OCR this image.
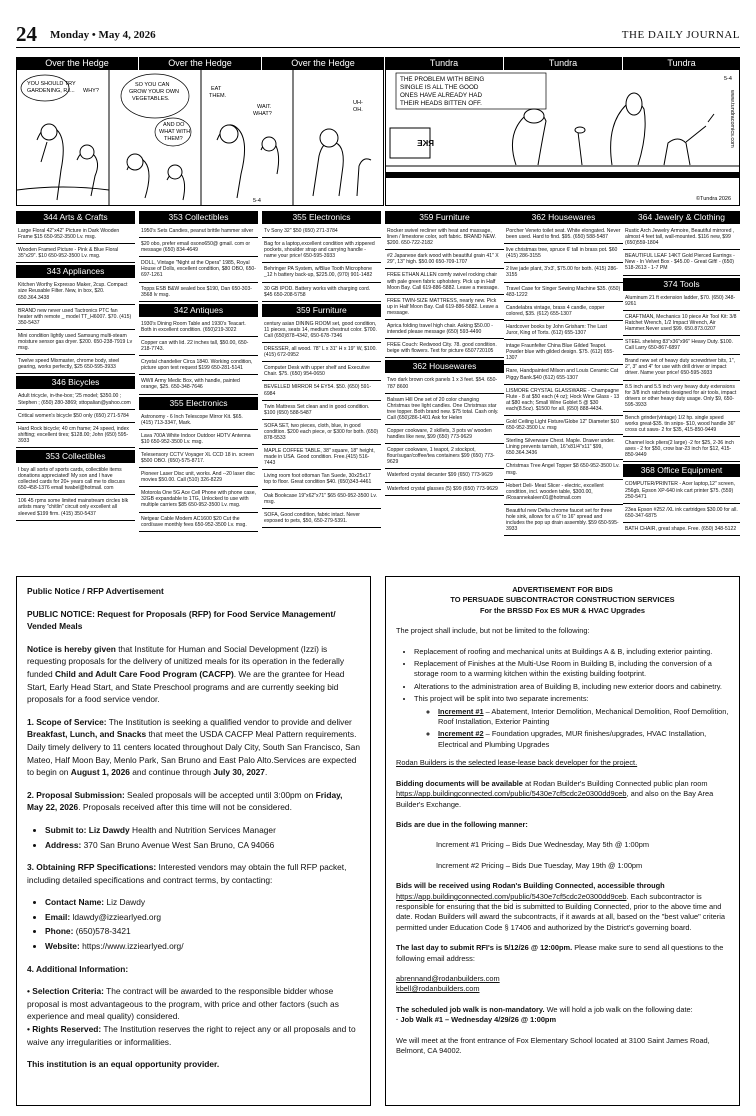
24 Monday • May 4, 2026	THE DAILY JOURNAL
Over the Hedge	Over the Hedge	Over the Hedge	Tundra	Tundra	Tundra
YOU SHOULD TRY GARDENING, RJ... WHY?
SO YOU CAN GROW YOUR OWN VEGETABLES.
AND DO WHAT WITH THEM?
EAT THEM.
WAIT. WHAT?
5-4
UH-OH.
THE PROBLEM WITH BEING SINGLE IS ALL THE GOOD ONES HAVE ALREADY HAD THEIR HEADS BITTEN OFF.
RKE	www.tundracomics.com
5-4
©Tundra 2026
344 Arts & Crafts
Large Floral 42"x42" Picture in Dark Wooden Frame $15 650-952-3500 Lv. msg.
Wooden Framed Picture - Pink & Blue Floral 35"x29". $10 650-952-3500 Lv. msg.
343 Appliances
Kitchen Worthy Expresso Maker, 2cup. Compact size Reusable Filter. New, in box, $20. 650.364.3438
BRAND new never used Tactronics PTC fan heater with remote _ model TT_H6007. $70. (415) 350-5437
Mini condition lightly used Samsung multi-steam moisture sensor gas dryer. $200. 650-238-7919 Lv msg.
Twelve speed Mixmaster, chrome body, steel gearing, works perfectly, $25 650-595-3933
346 Bicycles
Adult tricycle, in-the-box; '25 model; $350.00 ; Stephen ; (650) 280-3869; sttopalian@yahoo.com
Critical women's bicycle $50 only (650) 271-5784
Hard Rock bicycle; 40 cm frame; 24 speed, index shifting; excellent tires; $128.00; John (650) 595-3933
353 Collectibles
I buy all sorts of sports cards, collectible items donations appreciated! My son and I have collected cards for 20+ years call me to discuss 650-458-1376 email twabel@hotmail. com
106 45 rpms some limited mainstream circles blk artists many "chitlin" circuit only excellent all sleeved $199 firm. (415) 350-5437
353 Collectibles
1950's Sets Candies, peanut brittle hammer silver
$20 obo, prefer email osono650@ gmail. com or message (650) 834-4649
DOLL, Vintage "Night at the Opera" 1985, Royal House of Dolls, excellent condition, $80 OBO, 650-697-1261
Topps ESB B&W sealed box $190, Dan 650-303-3568 lv msg.
342 Antiques
1930's Dining Room Table and 1930's Teacart. Both in excellent condition. (650)219-3022
Copper can with lid. 22 inches tall, $50.00, 650-218-7743.
Crystal chandelier Circa 1840. Working condition, picture upon text request $199 650-281-5141
WWII Army Medic Box, with handle, painted orange, $25. 650-348-7646
355 Electronics
Astronomy - 6 Inch Telescope Mirror Kit. $65. (415) 713-3347, Mark.
Lava 700A White Indoor Outdoor HDTV Antenna $10 650-952-3500 Lv. msg.
Telesensory CCTV Voyager XL CCD 18 in. screen $500 OBO. (650)-575-8717.
Pioneer Laser Disc unit, works. And --20 laser disc movies $50.00. Call (510) 326-8229
Motorola One 5G Ace Cell Phone with phone case, 32GB expandable to 1TG, Unlocked to use with multiple carriers $85 650-952-3500 Lv. msg.
Netgear Cable Modem AC1600 $20 Cut the cord/save monthly fees 650-952-3500 Lv. msg.
355 Electronics
Tv Sony 32" $50 (650) 271-3784
Bag for a laptop,excellent condition with zippered pockets, shoulder strap and carrying handle - name your price! 650-595-3933
Behringer PA System, w/Blue Tooth Microphone _12 h battery back-up, $225.00, (970) 901-1482
30 GB IPOD. Battery works with charging cord. $45 650-208-5758
359 Furniture
century asian DINING ROOM set, good condition, 11 pieces, seats 14, medium chestnut color. $700. Call (650)878-4342, 650-678-7346
DRESSER, all wood. 78" L x 31" H x 19" W, $100. (415) 672-0952
Computer Desk with upper shelf and Executive Chair. $75. (650) 954-0650
BEVELLED MIRROR 54 EY54. $50. (650) 591-6984
Twin Mattress Set clean and in good condition. $100 (650) 588-5487
SOFA SET, two pieces, cloth, blue, in good condition. $200 each piece, or $300 for both. (650) 878-5533
MAPLE COFFEE TABLE, 38" square, 18" height, made in USA. Good condition. Free.(415) 516-7443
Living room foot ottoman Tan Suede, 30x25x17 top to floor. Great condition $40. (650)343-4461
Oak Bookcase 19"x62"x71" $65 650-952-3500 Lv. msg.
SOFA, Good condition, fabric intact. Never exposed to pets, $50, 650-279-5391.
359 Furniture
Rocker swivel recliner with heat and massage, linen / limestone color, soft fabric. BRAND NEW. $200. 650-722-2182
#2 Japanese dark wood with beautiful grain 41" X 29", 13" high. $50.00 650-709-1707
FREE ETHAN ALLEN comfy swivel rocking chair with pale green fabric upholstery. Pick up in Half Moon Bay. Call 619-886-5882. Leave a message.
FREE TWIN-SIZE MATTRESS, nearly new. Pick up in Half Moon Bay. Call 619-886-5882. Leave a message.
Aprica folding travel high chair. Asking $50.00 - intended please message (650) 593-4490
FREE Couch: Redwood City. 78. good condition. beige with flowers. Text for picture 6507720105
362 Housewares
Two dark brown cork panels 1 x 3 feet. $54. 650-787 8600
Balsam Hill One set of 20 color changing Christmas tree light candles. One Christmas star tree topper. Both brand new. $75 total. Cash only. Call (650)286-1401 Ask for Helen
Copper cookware, 2 skillets, 3 pots w/ wooden handles like new, $99 (650) 773-9629
Copper cookware, 1 teapot, 2 stockpot, flour/sugar/coffee/tea containers $99 (650) 773-9629
Waterford crystal decanter $99 (650) 773-9629
Waterford crystal glasses (5) $99 (650) 773-9629
362 Housewares
Porcher Veneto toilet seat. White elongated. Never been used. Hard to find. $95. (650) 588-5487
live christmas tree, spruce 6' tall in brass pot. $60 (415) 286-3155
2 live jade plant, 3'x3', $75.00 for both. (415) 286-3155
Travel Case for Singer Sewing Machine $35. (650) 483-1222
Candelabra vintage, brass 4 candle, copper colored, $35. (612) 655-1307
Hardcover books by John Grisham: The Last Juror, King of Torts. (612) 655-1307
intage Fraunfelter China Blue Gilded Teapot. Powder blue with gilded design. $75. (612) 655-1307
Rare, Handpainted Milson and Louis Ceramic Cat Piggy Bank.$40 (612) 655-1307
LISMORE CRYSTAL GLASSWARE - Champagne Flute - 8 at $50 each (4 oz); Hock Wine Glass - 13 at $80 each; Small Wine Goblet 5 @ $30 each(8.5oz). $1500 for all. (650) 888-4434.
Gold Ceiling Light Fixture/Globe 12" Diameter $10 650-952-3500 Lv. msg
Sterling Silverware Chest. Maple. Drawer under. Lining prevents tarnish, 16"x81/4"x11" $99, 650.364.3436
Christmas Tree Angel Topper $8 650-952-3500 Lv. msg.
Hobert Deli- Meat Slicer - electric, excellent condition, incl. wooden table, $300.00, /Rosannekaleen01@hotmail.com
Beautiful new Delta chrome faucet set for three hole sink, allows for a 6" to 16" spread and includes the pop up drain assembly. $59 650-595-3933
364 Jewelry & Clothing
Rustic Arch Jewelry Armoire, Beautiful mirrored , almost 4 feet tall, wall-mounted. $116 new, $99 (650)559-1804
BEAUTIFUL LEAF 14KT Gold Pierced Earrings - New - In Velvet Box - $45.00 - Great Gift! - (650) 518-2613 - 1-7 PM
374 Tools
Aluminum 21 ft extension ladder, $70. (650) 348-9261
CRAFTMAN, Mechanics 10 piece Air Tool Kit: 3/8 Ratchet Wrench, 1/2 Impact Wrench, Air Hammer.Never used $99. 650.873.0207
STEEL shelving 83"x36"x96" Heavy Duty. $100. Call Larry 650-867-6897
Brand new set of heavy duty screwdriver bits, 1", 2", 3" and 4" for use with drill driver or impact driver. Name your price! 650-595-3933
8.5 inch and 5.5 inch very heavy duty extensions for 3/8 inch ratchets designed for air tools, impact drivers or other heavy duty usage. Only $9, 650-595-3933
Bench grinder(vintage) 1/2 hp. single speed works great-$35. tin snips- $10, wood handle 36" cross cut saws- 2 for $35, 415-850-9449
Channel lock pliers(2 large) -2 for $25, 2-36 inch axes - 2 for $50, crow bar-23 inch for $12, 415-850-9449
368 Office Equipment
COMPUTER/PRINTER - Acer laptop,12" screen, 256gb, Epson XP-640 ink cart printer $75. (559) 250-5471
23ea Epson #252 /XL ink cartridges $30.00 for all. 650-347-6875
BATH CHAIR, great shape. Free. (650) 348-5122

Public Notice / RFP Advertisement

PUBLIC NOTICE: Request for Proposals (RFP) for Food Service Management/ Vended Meals

Notice is hereby given that Institute for Human and Social Development (Izzi) is requesting proposals for the delivery of unitized meals for its operation in the federally funded Child and Adult Care Food Program (CACFP). We are the grantee for Head Start, Early Head Start, and State Preschool programs and are currently seeking bid proposals for a food service vendor.

1. Scope of Service: The Institution is seeking a qualified vendor to provide and deliver Breakfast, Lunch, and Snacks that meet the USDA CACFP Meal Pattern requirements. Daily timely delivery to 11 centers located throughout Daly City, South San Francisco, San Mateo, Half Moon Bay, Menlo Park, San Bruno and East Palo Alto.Services are expected to begin on August 1, 2026 and continue through July 30, 2027.

2. Proposal Submission: Sealed proposals will be accepted until 3:00pm on Friday, May 22, 2026. Proposals received after this time will not be considered.

• Submit to: Liz Dawdy Health and Nutrition Services Manager
• Address: 370 San Bruno Avenue West San Bruno, CA 94066

3. Obtaining RFP Specifications: Interested vendors may obtain the full RFP packet, including detailed specifications and contract terms, by contacting:

• Contact Name: Liz Dawdy
• Email: ldawdy@izziearlyed.org
• Phone: (650)578-3421
• Website: https://www.izziearlyed.org/

4. Additional Information:

• Selection Criteria: The contract will be awarded to the responsible bidder whose proposal is most advantageous to the program, with price and other factors (such as experience and meal quality) considered.

• Rights Reserved: The Institution reserves the right to reject any or all proposals and to waive any irregularities or informalities.

This institution is an equal opportunity provider.

ADVERTISEMENT FOR BIDS
TO PERSUADE SUBCONTRACTOR CONSTRUCTION SERVICES
For the BRSSD Fox ES MUR & HVAC Upgrades

The project shall include, but not be limited to the following:

• Replacement of roofing and mechanical units at Buildings A & B, including exterior painting.
• Replacement of Finishes at the Multi-Use Room in Building B, including the conversion of a storage room to a warming kitchen within the existing building footprint.
• Alterations to the administration area of Building B, including new exterior doors and cabinetry.
• This project will be split into two separate increments:
◦ Increment #1 – Abatement, Interior Demolition, Mechanical Demolition, Roof Demolition, Roof Installation, Exterior Painting
◦ Increment #2 – Foundation upgrades, MUR finishes/upgrades, HVAC Installation, Electrical and Plumbing Upgrades

Rodan Builders is the selected lease-lease back developer for the project.

Bidding documents will be available at Rodan Builder's Building Connected public plan room https://app.buildingconnected.com/public/5430e7cf5cdc2e0300dd9ceb, and also on the Bay Area Builder's Exchange.

Bids are due in the following manner:

Increment #1 Pricing – Bids Due Wednesday, May 5th @ 1:00pm

Increment #2 Pricing – Bids Due Tuesday, May 19th @ 1:00pm

Bids will be received using Rodan's Building Connected, accessible through
https://app.buildingconnected.com/public/5430e7cf5cdc2e0300dd9ceb. Each subcontractor is responsible for ensuring that the bid is submitted to Building Connected, prior to the above time and date. Rodan Builders will award the subcontracts, if it awards at all, based on the "best value" criteria permitted under Education Code § 17406 and authorized by the District's governing board.

The last day to submit RFI's is 5/12/26 @ 12:00pm. Please make sure to send all questions to the following email address:

abrennand@rodanbuilders.com
kbell@rodanbuilders.com

The scheduled job walk is non-mandatory. We will hold a job walk on the following date:
· Job Walk #1 – Wednesday 4/29/26 @ 1:00pm

We will meet at the front entrance of Fox Elementary School located at 3100 Saint James Road, Belmont, CA 94002.
